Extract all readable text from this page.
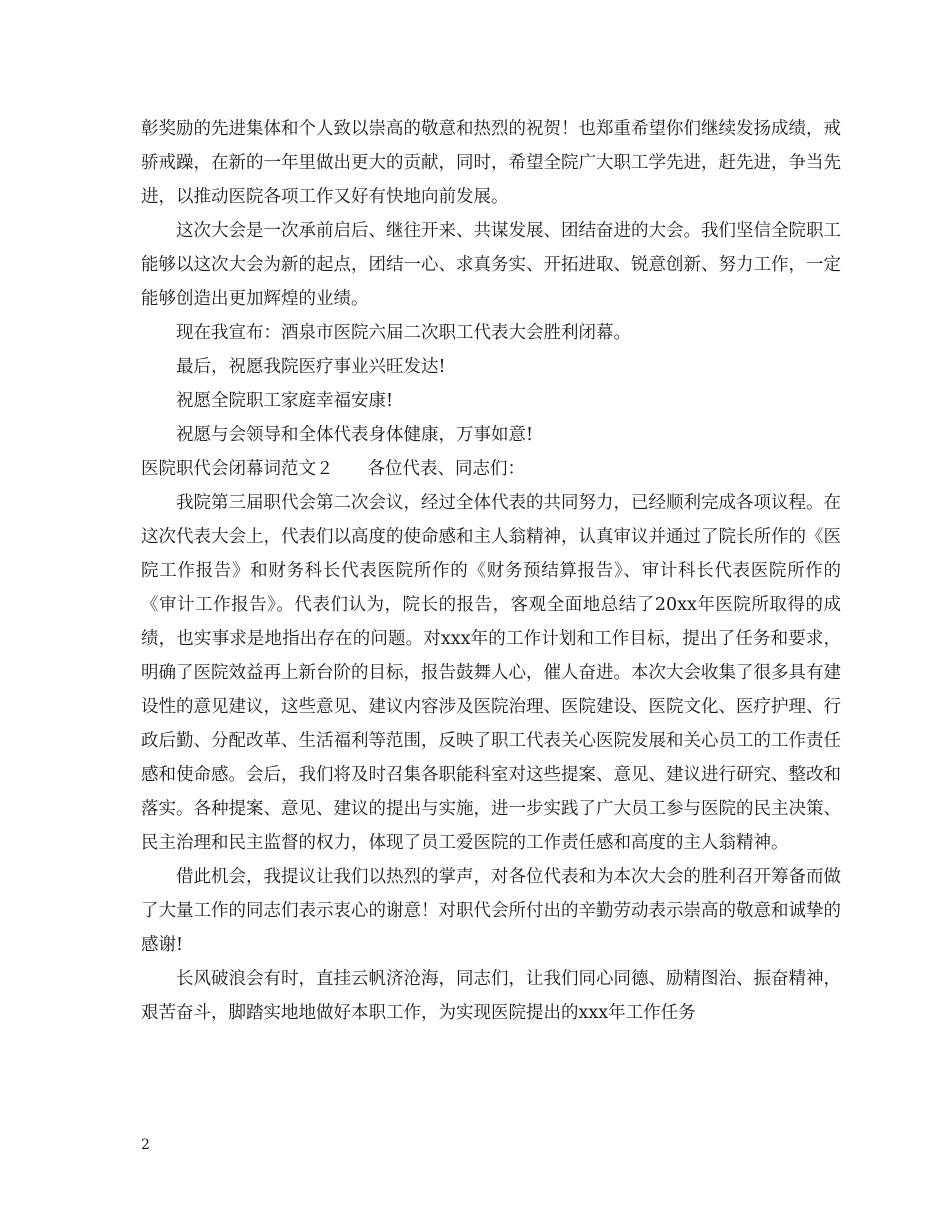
彰奖励的先进集体和个人致以崇高的敬意和热烈的祝贺！也郑重希望你们继续发扬成绩，戒骄戒躁，在新的一年里做出更大的贡献，同时，希望全院广大职工学先进，赶先进，争当先进，以推动医院各项工作又好有快地向前发展。

这次大会是一次承前启后、继往开来、共谋发展、团结奋进的大会。我们坚信全院职工能够以这次大会为新的起点，团结一心、求真务实、开拓进取、锐意创新、努力工作，一定能够创造出更加辉煌的业绩。

现在我宣布：酒泉市医院六届二次职工代表大会胜利闭幕。

最后，祝愿我院医疗事业兴旺发达!

祝愿全院职工家庭幸福安康!

祝愿与会领导和全体代表身体健康，万事如意!

医院职代会闭幕词范文２ 各位代表、同志们：

我院第三届职代会第二次会议，经过全体代表的共同努力，已经顺利完成各项议程。在这次代表大会上，代表们以高度的使命感和主人翁精神，认真审议并通过了院长所作的《医院工作报告》和财务科长代表医院所作的《财务预结算报告》、审计科长代表医院所作的《审计工作报告》。代表们认为，院长的报告，客观全面地总结了20xx年医院所取得的成绩，也实事求是地指出存在的问题。对xxx年的工作计划和工作目标，提出了任务和要求，明确了医院效益再上新台阶的目标，报告鼓舞人心，催人奋进。本次大会收集了很多具有建设性的意见建议，这些意见、建议内容涉及医院治理、医院建设、医院文化、医疗护理、行政后勤、分配改革、生活福利等范围，反映了职工代表关心医院发展和关心员工的工作责任感和使命感。会后，我们将及时召集各职能科室对这些提案、意见、建议进行研究、整改和落实。各种提案、意见、建议的提出与实施，进一步实践了广大员工参与医院的民主决策、民主治理和民主监督的权力，体现了员工爱医院的工作责任感和高度的主人翁精神。

借此机会，我提议让我们以热烈的掌声，对各位代表和为本次大会的胜利召开筹备而做了大量工作的同志们表示衷心的谢意！对职代会所付出的辛勤劳动表示崇高的敬意和诚挚的感谢!

长风破浪会有时，直挂云帆济沧海，同志们，让我们同心同德、励精图治、振奋精神，艰苦奋斗，脚踏实地地做好本职工作，为实现医院提出的xxx年工作任务

2
